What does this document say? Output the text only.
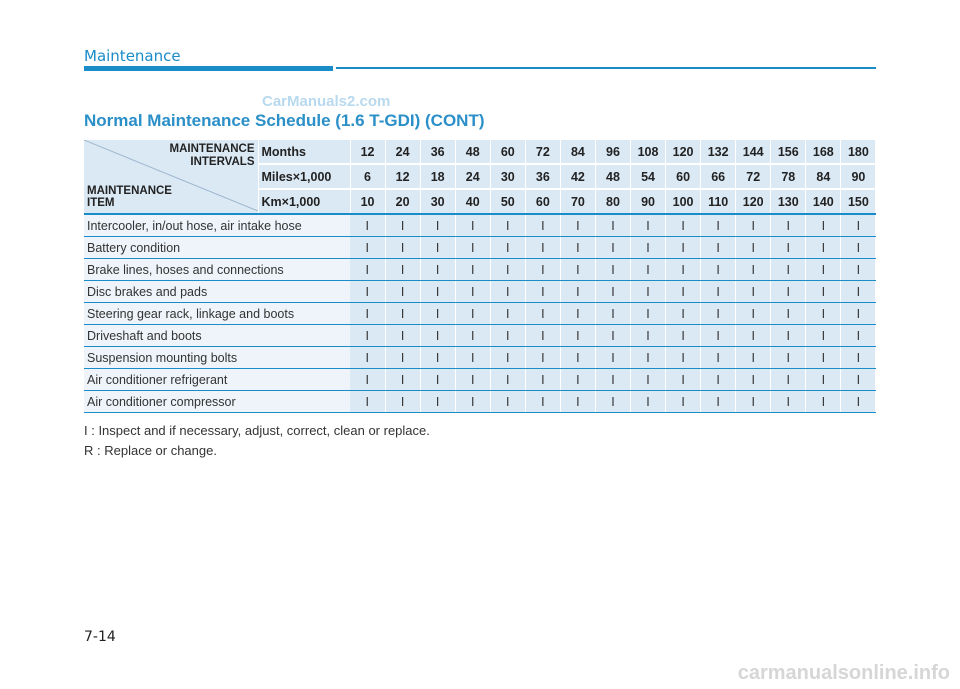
Maintenance
CarManuals2.com
Normal Maintenance Schedule (1.6 T-GDI) (CONT)
MAINTENANCE
INTERVALS
MAINTENANCE
ITEM	Months	12	24	36	48	60	72	84	96	108	120	132	144	156	168	180
	Miles×1,000	6	12	18	24	30	36	42	48	54	60	66	72	78	84	90
	Km×1,000	10	20	30	40	50	60	70	80	90	100	110	120	130	140	150
Intercooler, in/out hose, air intake hose		I	I	I	I	I	I	I	I	I	I	I	I	I	I	I
Battery condition		I	I	I	I	I	I	I	I	I	I	I	I	I	I	I
Brake lines, hoses and connections		I	I	I	I	I	I	I	I	I	I	I	I	I	I	I
Disc brakes and pads		I	I	I	I	I	I	I	I	I	I	I	I	I	I	I
Steering gear rack, linkage and boots		I	I	I	I	I	I	I	I	I	I	I	I	I	I	I
Driveshaft and boots		I	I	I	I	I	I	I	I	I	I	I	I	I	I	I
Suspension mounting bolts		I	I	I	I	I	I	I	I	I	I	I	I	I	I	I
Air conditioner refrigerant		I	I	I	I	I	I	I	I	I	I	I	I	I	I	I
Air conditioner compressor		I	I	I	I	I	I	I	I	I	I	I	I	I	I	I
I : Inspect and if necessary, adjust, correct, clean or replace.
R : Replace or change.
7-14
carmanualsonline.info
